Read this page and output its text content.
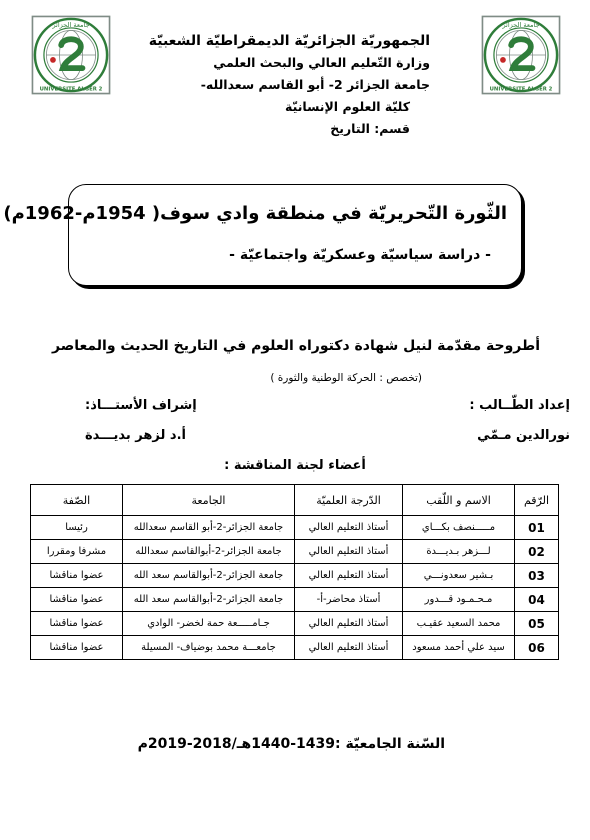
جامعة الجزائر
UNIVERSITE ALGER 2
جامعة الجزائر
UNIVERSITE ALGER 2
الجمهوريّة الجزائريّة الديمقراطيّة الشعبيّة
وزارة التّعليم العالي والبحث العلمي
جامعة الجزائر 2- أبو القاسم سعدالله-
كليّة العلوم الإنسانيّة
قسم: التاريخ
الثّورة التّحريريّة في منطقة وادي سوف( 1954م-1962م)
- دراسة سياسيّة وعسكريّة واجتماعيّة -
أطروحة مقدّمة لنيل شهادة دكتوراه العلوم في التاريخ الحديث والمعاصر
(تخصص : الحركة الوطنية والثورة )
إعداد الطّــالب :
إشراف الأستـــاذ:
نورالدين مـمّي
أ.د لزهر بديـــدة
أعضاء لجنة المناقشة :
الرّقم	الاسم و اللّقب	الدّرجة العلميّة	الجامعة	الصّفة
01	مـــــنصف بكـــاي	أستاذ التعليم العالي	جامعة الجزائر-2-أبو القاسم سعدالله	رئيسا
02	لـــزهر بـديـــدة	أستاذ التعليم العالي	جامعة الجزائر-2-أبوالقاسم سعدالله	مشرفا ومقررا
03	بـشير سعدونـــي	أستاذ التعليم العالي	جامعة الجزائر-2-أبوالقاسم سعد الله	عضوا مناقشا
04	مـحـمـود قـــدور	أستاذ محاضر-أ-	جامعة الجزائر-2-أبوالقاسم سعد الله	عضوا مناقشا
05	محمد السعيد عقيـب	أستاذ التعليم العالي	جـامـــــعة حمة لخضر- الوادي	عضوا مناقشا
06	سيد علي أحمد مسعود	أستاذ التعليم العالي	جامعـــة محمد بوضياف- المسيلة	عضوا مناقشا
السّنة الجامعيّة :1439-1440هـ/2018-2019م
